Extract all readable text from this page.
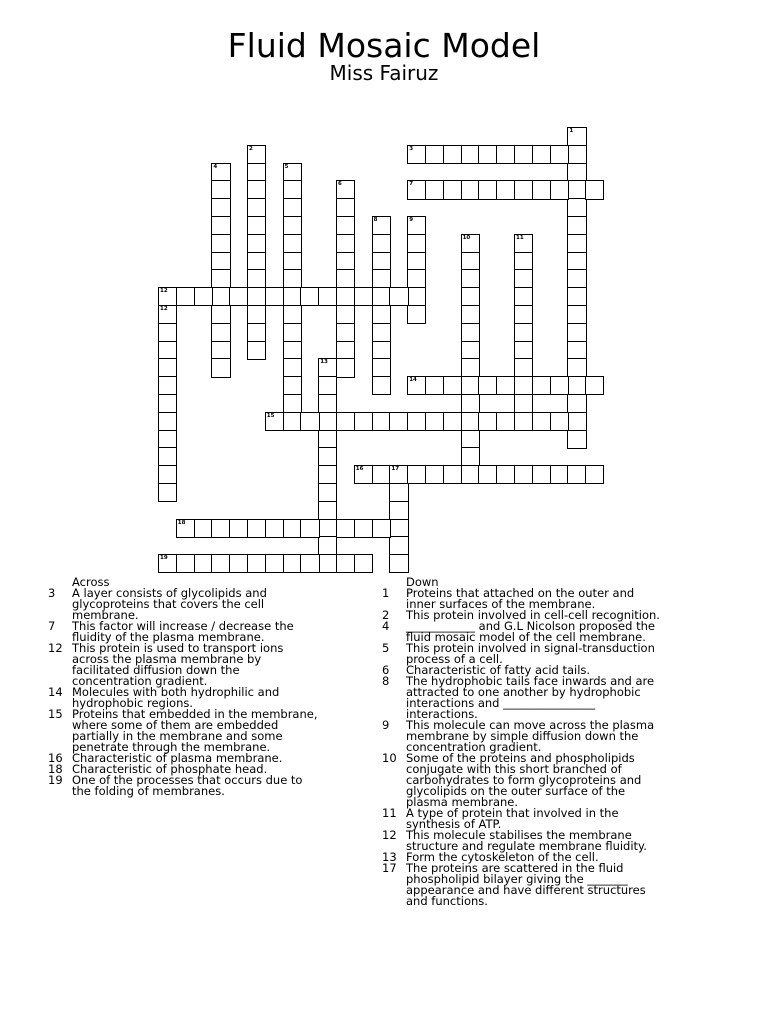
Fluid Mosaic Model
Miss Fairuz
1
2	3
4	5
6	7
8	9
10	11
12
12
13
14
15
16	17
18
19
Across
3	A layer consists of glycolipids and glycoproteins that covers the cell membrane.
7	This factor will increase / decrease the fluidity of the plasma membrane.
12 This protein is used to transport ions across the plasma membrane by facilitated diffusion down the concentration gradient.
14 Molecules with both hydrophilic and hydrophobic regions.
15 Proteins that embedded in the membrane, where some of them are embedded partially in the membrane and some penetrate through the membrane.
16 Characteristic of plasma membrane.
18 Characteristic of phosphate head.
19 One of the processes that occurs due to the folding of membranes.
Down
1	Proteins that attached on the outer and inner surfaces of the membrane.
2	This protein involved in cell-cell recognition.
4	____________ and G.L Nicolson proposed the fluid mosaic model of the cell membrane.
5	This protein involved in signal-transduction process of a cell.
6	Characteristic of fatty acid tails.
8	The hydrophobic tails face inwards and are attracted to one another by hydrophobic interactions and ________________ interactions.
9	This molecule can move across the plasma membrane by simple diffusion down the concentration gradient.
10 Some of the proteins and phospholipids conjugate with this short branched of carbohydrates to form glycoproteins and glycolipids on the outer surface of the plasma membrane.
11 A type of protein that involved in the synthesis of ATP.
12 This molecule stabilises the membrane structure and regulate membrane fluidity.
13 Form the cytoskeleton of the cell.
17 The proteins are scattered in the fluid phospholipid bilayer giving the _______ appearance and have different structures and functions.
